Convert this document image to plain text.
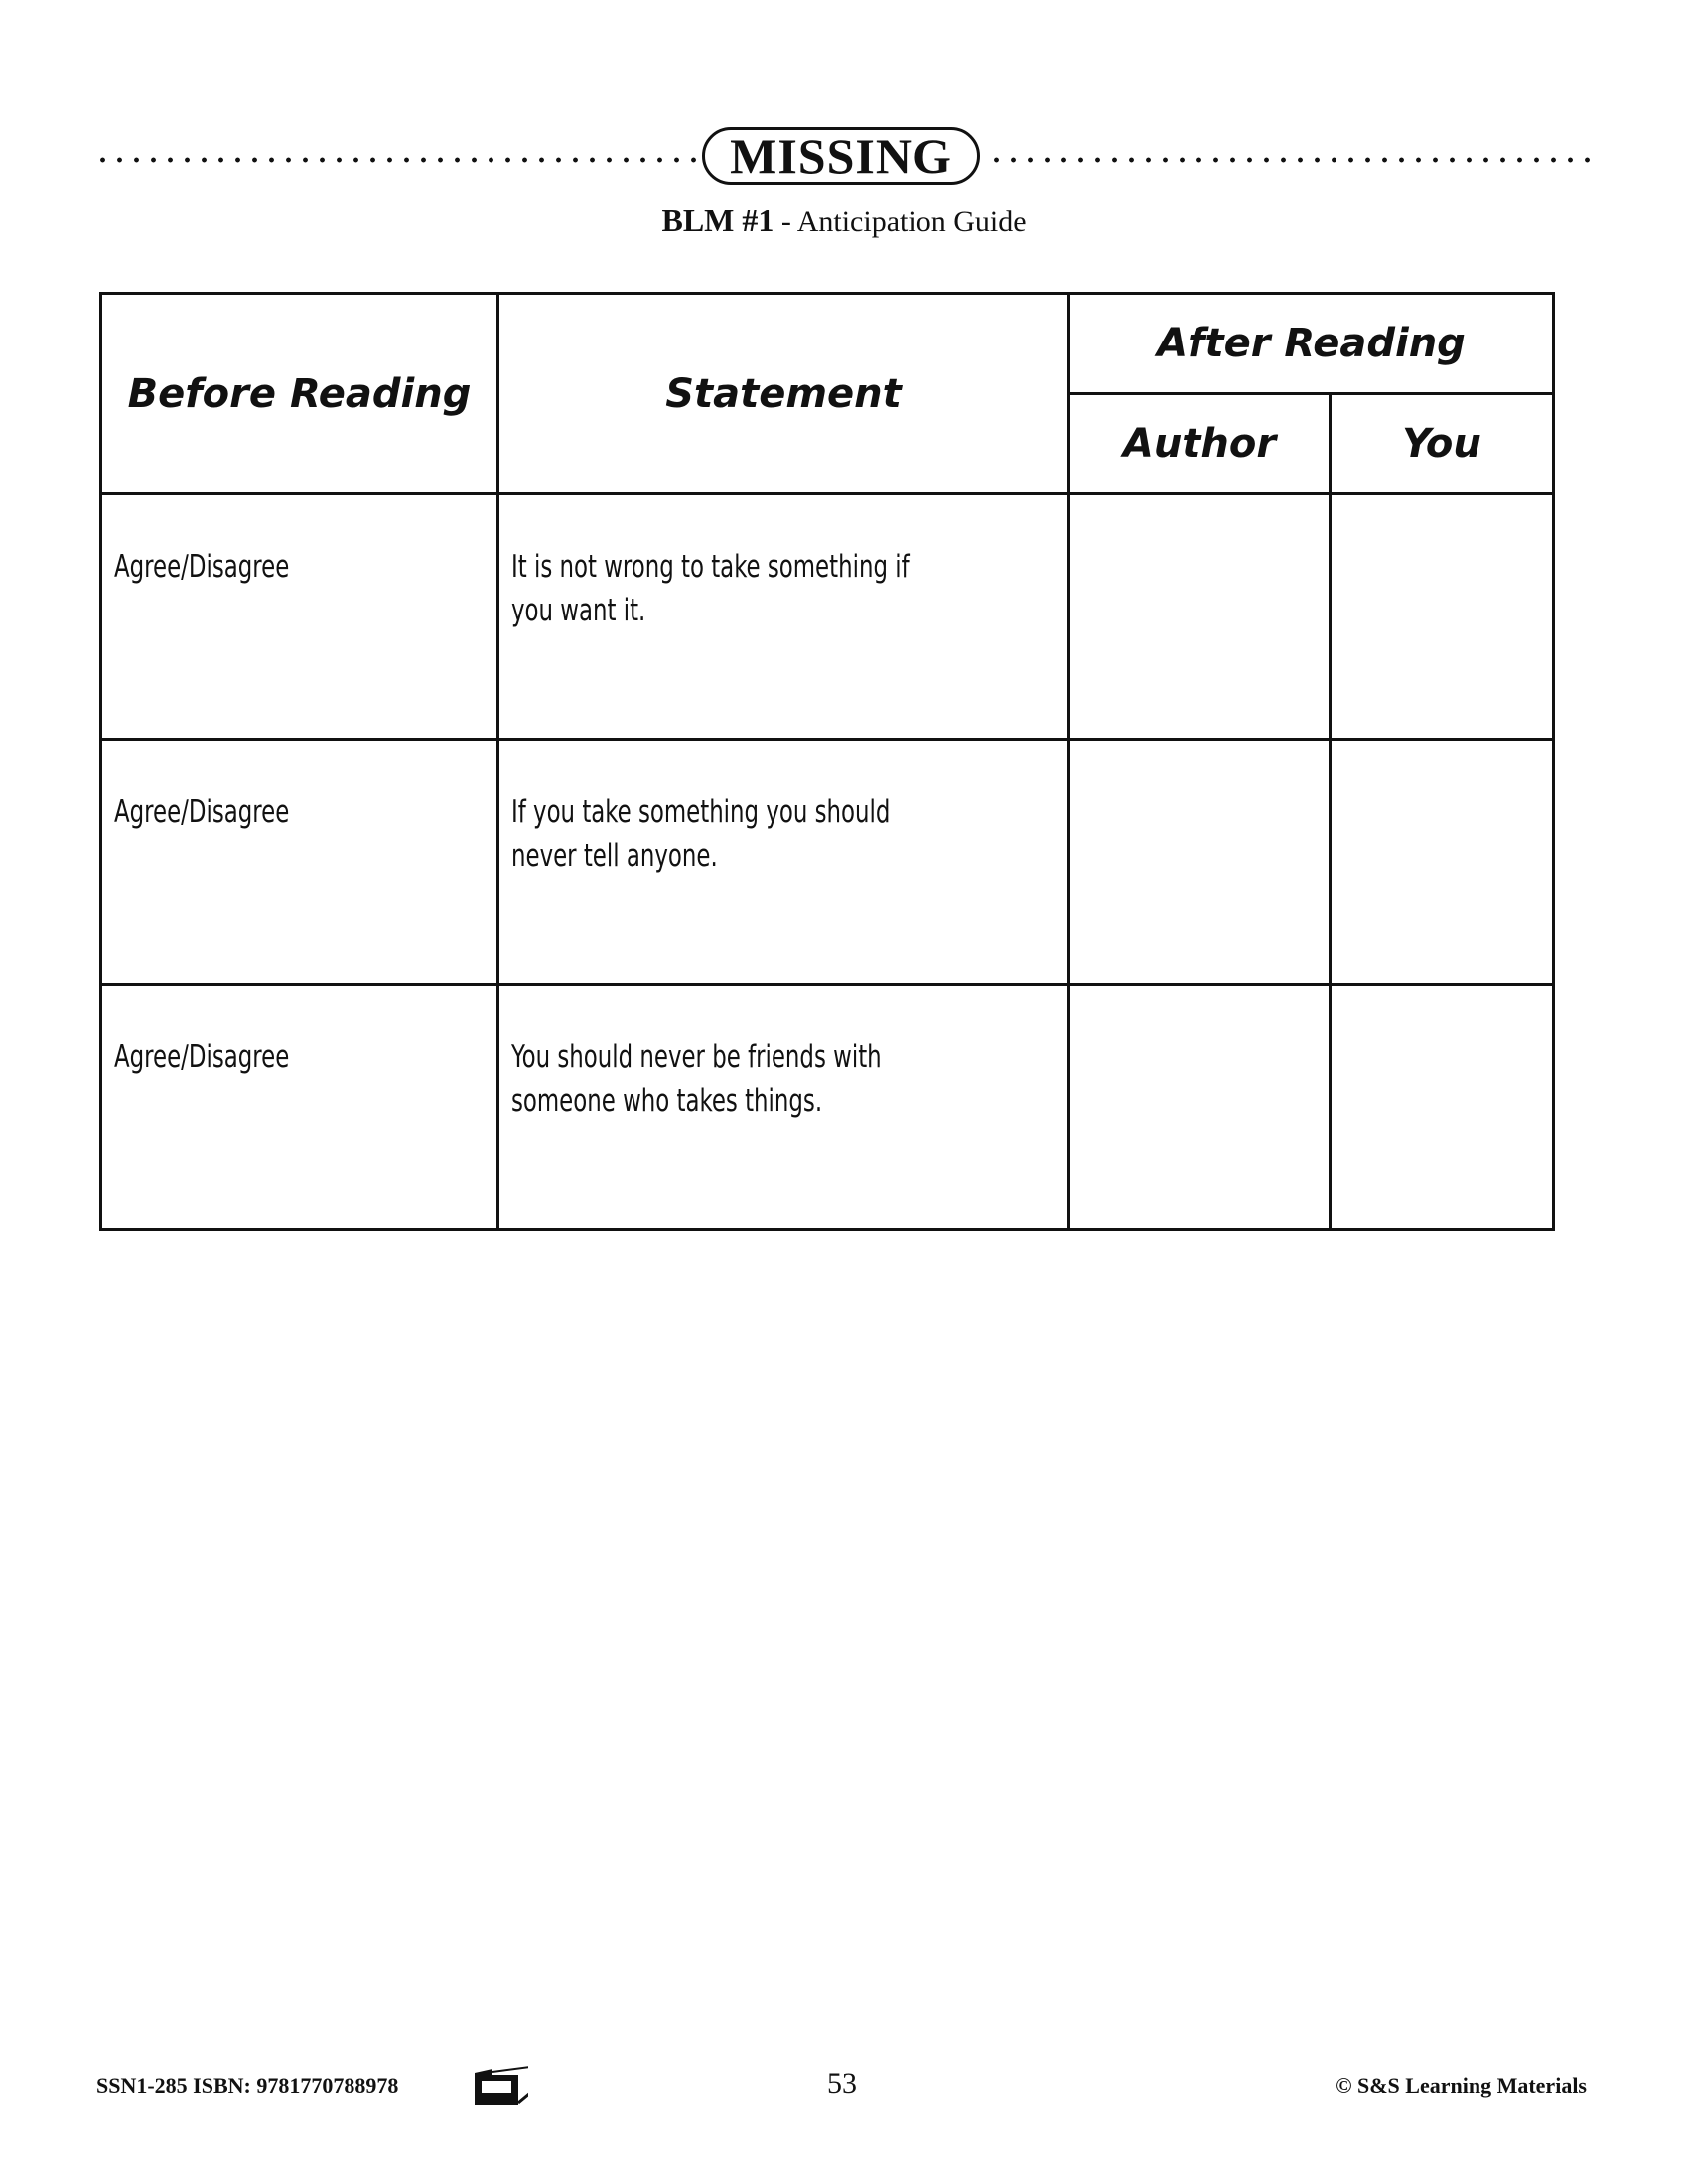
MISSING
BLM #1 - Anticipation Guide
Before Reading	Statement	After Reading	
		Author	You
Agree/Disagree	It is not wrong to take something if
you want it.		
Agree/Disagree	If you take something you should
never tell anyone.		
Agree/Disagree	You should never be friends with
someone who takes things.		
SSN1-285 ISBN: 9781770788978	53	© S&S Learning Materials
